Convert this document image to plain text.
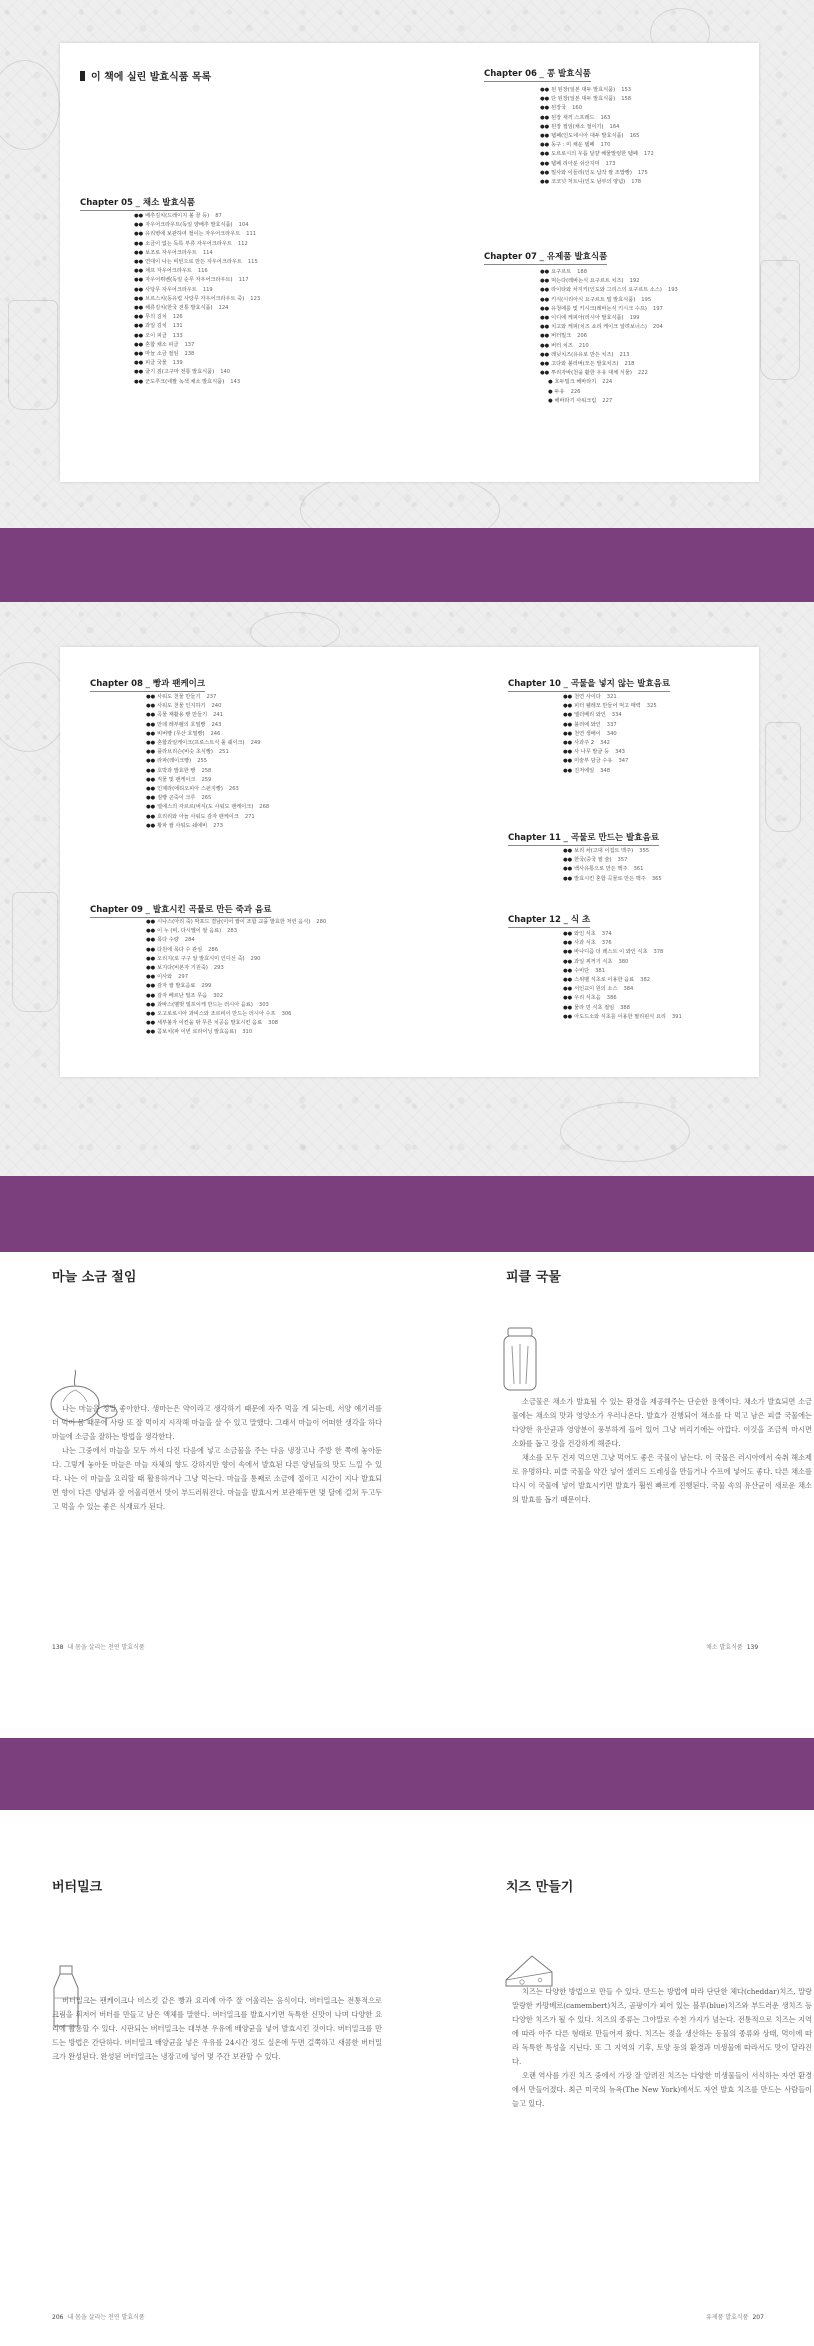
이 책에 실린 발효식품 목록
Chapter 05 _ 채소 발효식품
●● 배추김치(드레이지 볼 꿀 등) 87
●● 자우어크라우트(독일 양배추 발효식품) 104
●● 유리병에 보관하여 절이는 자우어크라우트 111
●● 소금이 없는 독특 부류 자우어크라우트 112
●● 보조로 자우어크라우트 114
●● 연대이 나는 비빈으로 만든 자우어크라우트 115
●● 채프 자우어크라우트 116
●● 자우어뤼벤(독일 순무 자우어크라우트) 117
●● 사탕무 자우어크라우트 119
●● 브르스치(동유럽 사탕무 자우어크라우트 죽) 123
●● 해류김치(한국 전통 발효식품) 124
●● 무의 김치 126
●● 과일 김치 131
●● 오이 피클 133
●● 혼합 채소 피클 137
●● 마늘 소금 절임 138
●● 피클 국물 139
●● 굴기 짐(고구마 전통 발효식품) 140
●● 군도루크(네팔 녹색 채소 발효식품) 143
Chapter 06 _ 콩 발효식품
●● 된 된장(일본 대두 발효식품) 153
●● 단 된장(일본 대두 발효식품) 158
●● 된장국 160
●● 된장 새끼 스프레드 163
●● 된장 절임(채소 절이기) 164
●● 템페(인도네시아 대두 발효식품) 165
●● 동구 : 미 채운 템페 170
●● 도르로시의 우릅 달걀 해물말렁한 템페 172
●● 템페 리아분 쉬산지미 173
●● 밀사와 이들리(인도 납작 쌀 조밥빵) 175
●● 코코넛 처트니(인도 남부의 양념) 178
Chapter 07 _ 유제품 발효식품
●● 요구르트 188
●● 먹는다(레바논식 요구르트 치즈) 192
●● 라이타와 차지키(인도와 그리스의 요구르트 소스) 193
●● 키식(시리아식 요구르트 밀 발효식품) 195
●● 유청에를 및 키시크(레바논식 키시크 수프) 197
●● 이디에 케피아(러시아 발효식품) 199
●● 치고와 케피(치즈 쇼리 케이크 알려보너스) 204
●● 버터밀크 206
●● 버터 치즈 210
●● 레닛치즈(유유로 만든 치즈) 213
●● 고다와 불러버(모든 발효치즈) 218
●● 투리자바(천을 활한 우유 대체 식물) 222
● 호두밀크 해바라기 224
● 두유 226
● 해바라기 사워크림 227
Chapter 08 _ 빵과 팬케이크
●● 사워도 천물 만들기 237
●● 사워도 천물 인지하기 240
●● 곡물 재활용 빵 만들기 241
●● 만데 레부펠의 호밀빵 243
●● 비버빵 (무산 호밀빵) 246
●● 혼합과일케이크(프로스트식 롤 쉐이크) 249
●● 플라브리슨(비슷 초식빵) 251
●● 라파(레이크빵) 255
●● 호박과 발효한 빵 258
●● 직물 및 팬케이크 259
●● 인제라(에티오피아 스펀지빵) 263
●● 짐빵 곤죽이 크루 265
●● 열에스의 자르르(버식(도 사워도 팬케이크) 268
●● 호리리와 아놀 사워도 감자 팬케이크 271
●● 황파 쌀 사워도 쉐에비 273
Chapter 09 _ 발효시킨 곡물로 만든 죽과 음료
●● 시나스(아리 죽) 막포드 결남(이어 쌀이 조합 교을 발효한 처런 음식) 280
●● 이 누 (비, 다시멜이 쌀 음료) 283
●● 목다 수량 284
●● 다원에 목다 수 관심 286
●● 오리지(로 구구 알 발효식미 인디선 죽) 290
●● 보지다(비본자 기원죽) 293
●● 이사와 297
●● 감자 쌀 발효음료 299
●● 감자 베르난 밀조 무음 302
●● 과바스(벨벗 밀프이케 만드는 러시아 음료) 303
●● 오고로로시아 과비스와 조르비이 만드는 러시아 수프 306
●● 세부볼자 이킨을 밖 무른 치공음 발효시킨 음료 308
●● 콤보치(파 이빈 로라이닝 발효음료) 310
Chapter 10 _ 곡물을 넣지 않는 발효음료
●● 천연 사이다 321
●● 피터 웰레모 만들어 먹고 매력 325
●● 엘더베리 와인 334
●● 블러에 와인 337
●● 천연 생배이 340
●● 사과주 2 342
●● 사 나무 발굴 등 343
●● 미술부 담금 수유 347
●● 진저에일 348
Chapter 11 _ 곡물로 만드는 발효음료
●● 보리 차(고대 이집트 맥주) 355
●● 한국(중국 쌀 술) 357
●● 백사유통으로 만든 맥주 361
●● 발효시킨 혼합 곡물로 만든 맥주 365
Chapter 12 _ 식 초
●● 와인 식초 374
●● 사과 식초 376
●● 바나디즘 더 레스트 이 와인 식초 378
●● 과일 찌꺼기 식초 380
●● 수비단 381
●● 스위벨 식초로 이용한 음료 382
●● 서인교이 원의 소스 384
●● 우리 식초음 386
●● 물라 민 식초 절임 388
●● 아도드소와 식초를 이용한 필리핀식 요리 391
마늘 소금 절임

나는 마늘을 정말 좋아한다. 생마는은 약이라고 생각하기 때문에 자주 먹을 게 되는데, 서양 얘기러를 더 먹어 몸 때문에 사랑 또 잘 먹이지 시작해 마늘을 살 수 있고 말했다. 그래서 마늘이 어떠한 생각을 하다 마늘에 소금을 잘하는 방법을 생각한다.

나는 그중에서 마늘을 모두 까서 다진 다음에 넣고 소금물을 주는 다음 냉장고나 주방 한 쪽에 놓아둔다. 그렇게 놓아둔 마늘은 마늘 자체의 향도 강하지만 향이 속에서 발효된 다른 양념들의 맛도 느낄 수 있다. 나는 이 마늘을 요리할 때 활용하거나 그냥 먹는다. 마늘을 통째로 소금에 절이고 시간이 지나 발효되면 향이 다른 양념과 잘 어울리면서 맛이 부드러워진다. 마늘을 발효시켜 보관해두면 몇 달에 걸쳐 두고두고 먹을 수 있는 좋은 식재료가 된다.

138 내 몸을 살리는 천연 발효식품
피클 국물

소금물은 채소가 발효될 수 있는 환경을 제공해주는 단순한 용액이다. 채소가 발효되면 소금물에는 채소의 맛과 영양소가 우러나온다. 발효가 진행되어 채소를 다 먹고 남은 피클 국물에는 다양한 유산균과 영양분이 풍부하게 들어 있어 그냥 버리기에는 아깝다. 이것을 조금씩 마시면 소화를 돕고 장을 건강하게 해준다.

채소를 모두 건져 먹으면 그냥 먹어도 좋은 국물이 남는다. 이 국물은 러시아에서 숙취 해소제로 유명하다. 피클 국물을 약간 넣어 샐러드 드레싱을 만들거나 수프에 넣어도 좋다. 다른 채소를 다시 이 국물에 넣어 발효시키면 발효가 훨씬 빠르게 진행된다. 국물 속의 유산균이 새로운 채소의 발효를 돕기 때문이다.

채소 발효식품 139
버터밀크

버터밀크는 팬케이크나 비스킷 같은 빵과 요리에 아주 잘 어울리는 음식이다. 버터밀크는 전통적으로 크림을 휘저어 버터를 만들고 남은 액체를 말한다. 버터밀크를 발효시키면 독특한 신맛이 나며 다양한 요리에 활용할 수 있다. 시판되는 버터밀크는 대부분 우유에 배양균을 넣어 발효시킨 것이다. 버터밀크를 만드는 방법은 간단하다. 버터밀크 배양균을 넣은 우유를 24시간 정도 실온에 두면 걸쭉하고 새콤한 버터밀크가 완성된다. 완성된 버터밀크는 냉장고에 넣어 몇 주간 보관할 수 있다.

206 내 몸을 살리는 천연 발효식품
치즈 만들기

치즈는 다양한 방법으로 만들 수 있다. 만드는 방법에 따라 단단한 체다(cheddar)치즈, 말랑말랑한 카망베르(camembert)치즈, 곰팡이가 피어 있는 블루(blue)치즈와 부드러운 생치즈 등 다양한 치즈가 될 수 있다. 치즈의 종류는 그야말로 수천 가지가 넘는다. 전통적으로 치즈는 지역에 따라 아주 다른 형태로 만들어져 왔다. 치즈는 젖을 생산하는 동물의 종류와 상태, 먹이에 따라 독특한 특성을 지닌다. 또 그 지역의 기후, 토양 등의 환경과 미생물에 따라서도 맛이 달라진다.

오랜 역사를 가진 치즈 중에서 가장 잘 알려진 치즈는 다양한 미생물들이 서식하는 자연 환경에서 만들어졌다. 최근 미국의 뉴욕(The New York)에서도 자연 발효 치즈를 만드는 사람들이 늘고 있다.

유제품 발효식품 207
